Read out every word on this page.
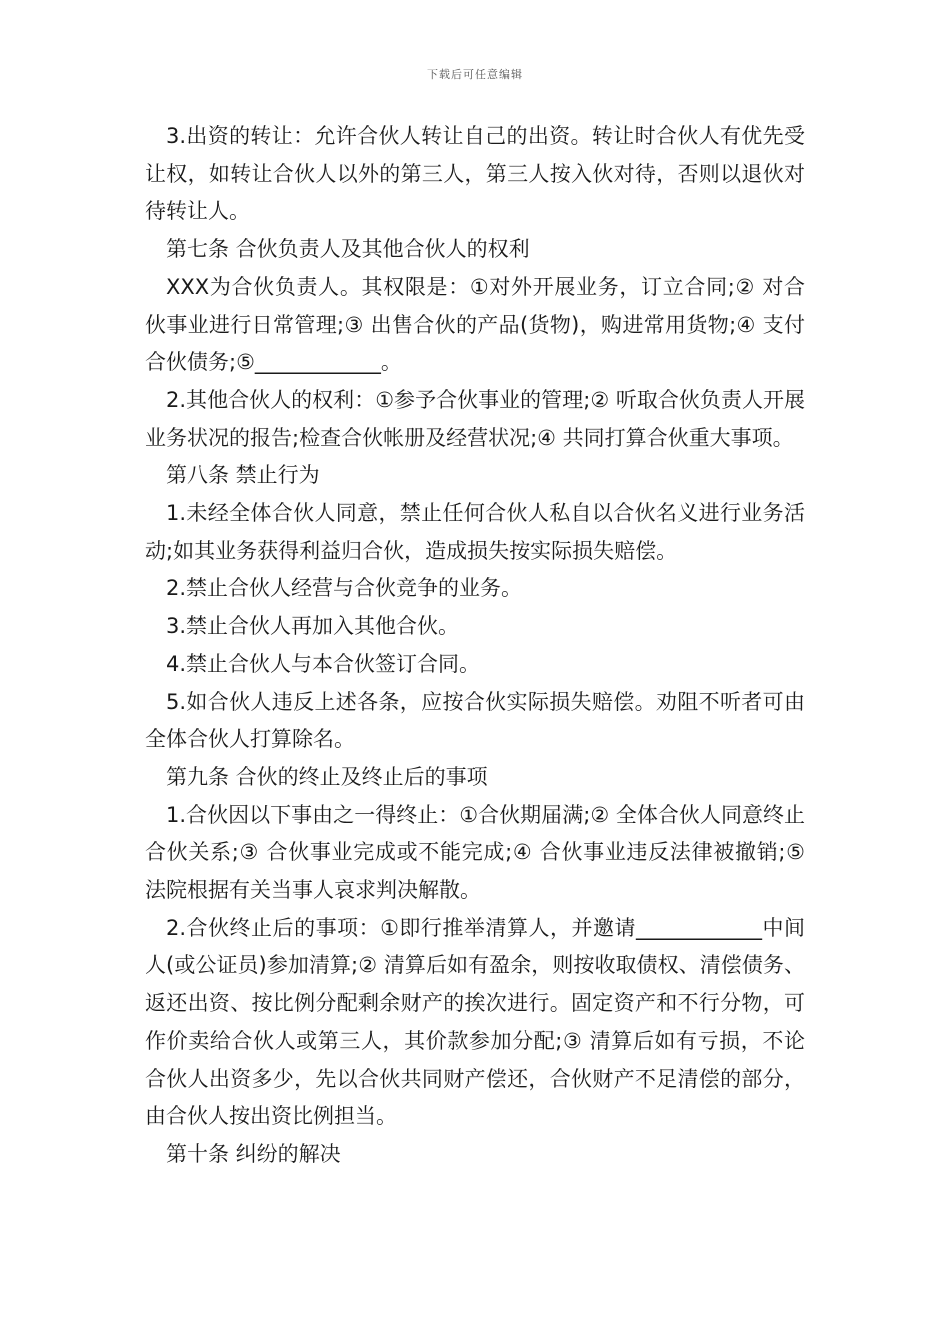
下载后可任意编辑

3.出资的转让：允许合伙人转让自己的出资。转让时合伙人有优先受让权，如转让合伙人以外的第三人，第三人按入伙对待，否则以退伙对待转让人。

第七条 合伙负责人及其他合伙人的权利

XXX为合伙负责人。其权限是：①对外开展业务，订立合同;② 对合伙事业进行日常管理;③ 出售合伙的产品(货物)，购进常用货物;④ 支付合伙债务;⑤____________。

2.其他合伙人的权利：①参予合伙事业的管理;② 听取合伙负责人开展业务状况的报告;检查合伙帐册及经营状况;④ 共同打算合伙重大事项。

第八条 禁止行为

1.未经全体合伙人同意，禁止任何合伙人私自以合伙名义进行业务活动;如其业务获得利益归合伙，造成损失按实际损失赔偿。

2.禁止合伙人经营与合伙竞争的业务。

3.禁止合伙人再加入其他合伙。

4.禁止合伙人与本合伙签订合同。

5.如合伙人违反上述各条，应按合伙实际损失赔偿。劝阻不听者可由全体合伙人打算除名。

第九条 合伙的终止及终止后的事项

1.合伙因以下事由之一得终止：①合伙期届满;② 全体合伙人同意终止合伙关系;③ 合伙事业完成或不能完成;④ 合伙事业违反法律被撤销;⑤ 法院根据有关当事人哀求判决解散。

2.合伙终止后的事项：①即行推举清算人，并邀请____________中间人(或公证员)参加清算;② 清算后如有盈余，则按收取债权、清偿债务、返还出资、按比例分配剩余财产的挨次进行。固定资产和不行分物，可作价卖给合伙人或第三人，其价款参加分配;③ 清算后如有亏损，不论合伙人出资多少，先以合伙共同财产偿还，合伙财产不足清偿的部分，由合伙人按出资比例担当。

第十条 纠纷的解决
